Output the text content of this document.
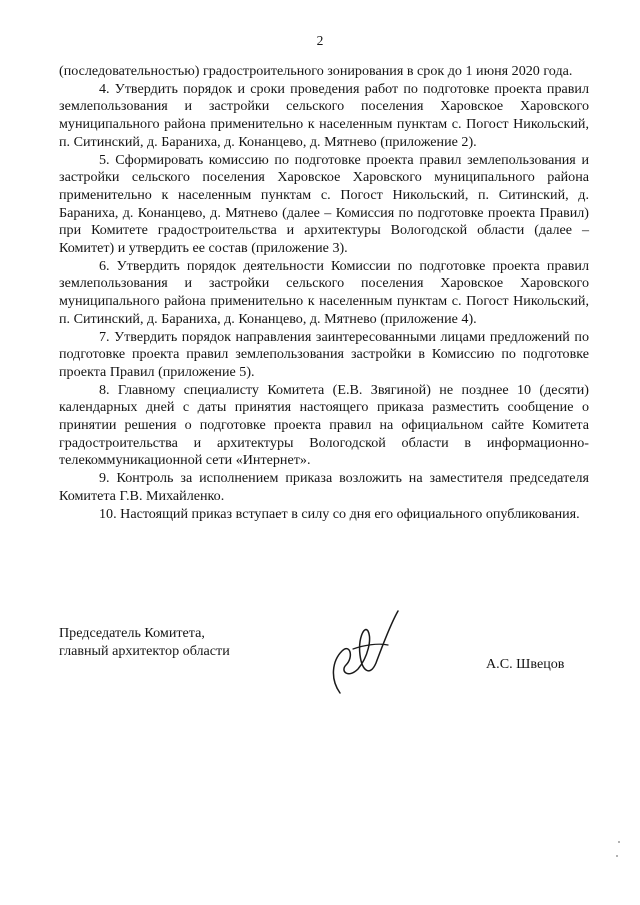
2

(последовательностью) градостроительного зонирования в срок до 1 июня 2020 года.

4. Утвердить порядок и сроки проведения работ по подготовке проекта правил землепользования и застройки сельского поселения Харовское Харовского муниципального района применительно к населенным пунктам с. Погост Никольский, п. Ситинский, д. Бараниха, д. Конанцево, д. Мятнево (приложение 2).

5. Сформировать комиссию по подготовке проекта правил землепользования и застройки сельского поселения Харовское Харовского муниципального района применительно к населенным пунктам с. Погост Никольский, п. Ситинский, д. Бараниха, д. Конанцево, д. Мятнево (далее – Комиссия по подготовке проекта Правил) при Комитете градостроительства и архитектуры Вологодской области (далее – Комитет) и утвердить ее состав (приложение 3).

6. Утвердить порядок деятельности Комиссии по подготовке проекта правил землепользования и застройки сельского поселения Харовское Харовского муниципального района применительно к населенным пунктам с. Погост Никольский, п. Ситинский, д. Бараниха, д. Конанцево, д. Мятнево (приложение 4).

7. Утвердить порядок направления заинтересованными лицами предложений по подготовке проекта правил землепользования застройки в Комиссию по подготовке проекта Правил (приложение 5).

8. Главному специалисту Комитета (Е.В. Звягиной) не позднее 10 (десяти) календарных дней с даты принятия настоящего приказа разместить сообщение о принятии решения о подготовке проекта правил на официальном сайте Комитета градостроительства и архитектуры Вологодской области в информационно-телекоммуникационной сети «Интернет».

9. Контроль за исполнением приказа возложить на заместителя председателя Комитета Г.В. Михайленко.

10. Настоящий приказ вступает в силу со дня его официального опубликования.

Председатель Комитета,
главный архитектор области
А.С. Швецов
